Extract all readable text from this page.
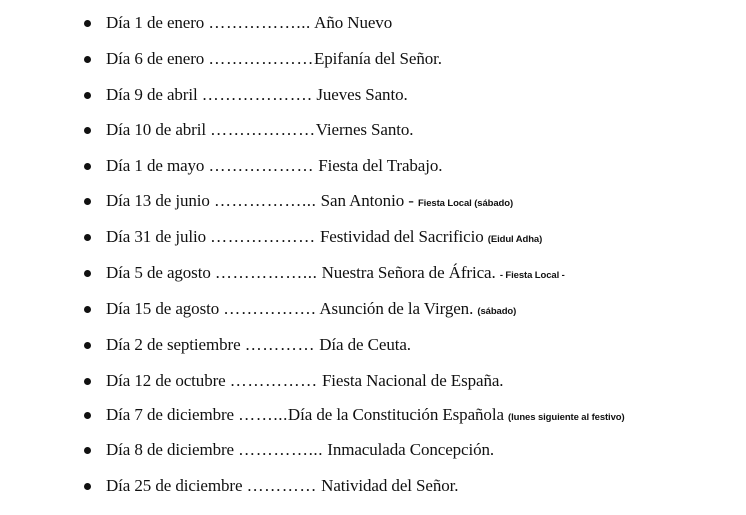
Día 1 de enero ……………... Año Nuevo
Día 6 de enero ………………Epifanía del Señor.
Día 9 de abril ………………. Jueves Santo.
Día 10 de abril ………………Viernes Santo.
Día 1 de mayo ……………… Fiesta del Trabajo.
Día 13 de junio ……………... San Antonio - Fiesta Local (sábado)
Día 31 de julio ……………… Festividad del Sacrificio (Eidul Adha)
Día 5 de agosto ……………... Nuestra Señora de África. - Fiesta Local -
Día 15 de agosto ……………. Asunción de la Virgen. (sábado)
Día 2 de septiembre ………… Día de Ceuta.
Día 12 de octubre …………… Fiesta Nacional de España.
Día 7 de diciembre ……...Día de la Constitución Española (lunes siguiente al festivo)
Día 8 de diciembre …………... Inmaculada Concepción.
Día 25 de diciembre ………… Natividad del Señor.
